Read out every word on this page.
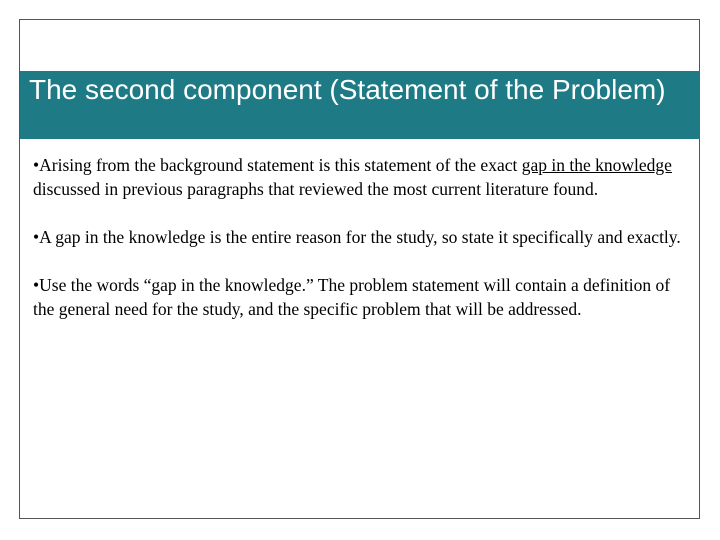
The second component (Statement of the Problem)

•Arising from the background statement is this statement of the exact gap in the knowledge discussed in previous paragraphs that reviewed the most current literature found.

•A gap in the knowledge is the entire reason for the study, so state it specifically and exactly.

•Use the words “gap in the knowledge.” The problem statement will contain a definition of the general need for the study, and the specific problem that will be addressed.
